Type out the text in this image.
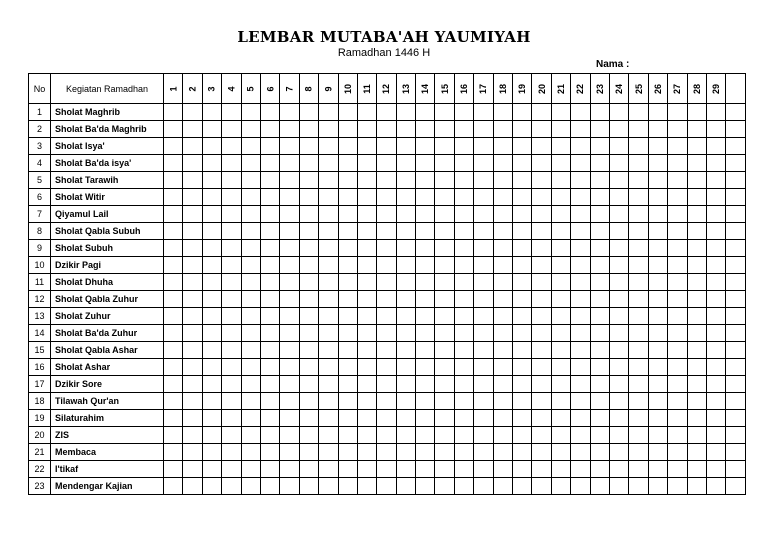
LEMBAR MUTABA'AH YAUMIYAH
Ramadhan 1446 H
Nama :
No	Kegiatan Ramadhan	1	2	3	4	5	6	7	8	9	10	11	12	13	14	15	16	17	18	19	20	21	22	23	24	25	26	27	28	29	
1	Sholat Maghrib																														
2	Sholat Ba'da Maghrib																														
3	Sholat Isya'																														
4	Sholat Ba'da isya'																														
5	Sholat Tarawih																														
6	Sholat Witir																														
7	Qiyamul Lail																														
8	Sholat Qabla Subuh																														
9	Sholat Subuh																														
10	Dzikir Pagi																														
11	Sholat Dhuha																														
12	Sholat Qabla Zuhur																														
13	Sholat Zuhur																														
14	Sholat Ba'da Zuhur																														
15	Sholat Qabla Ashar																														
16	Sholat Ashar																														
17	Dzikir Sore																														
18	Tilawah Qur'an																														
19	Silaturahim																														
20	ZIS																														
21	Membaca																														
22	I'tikaf																														
23	Mendengar Kajian																														
